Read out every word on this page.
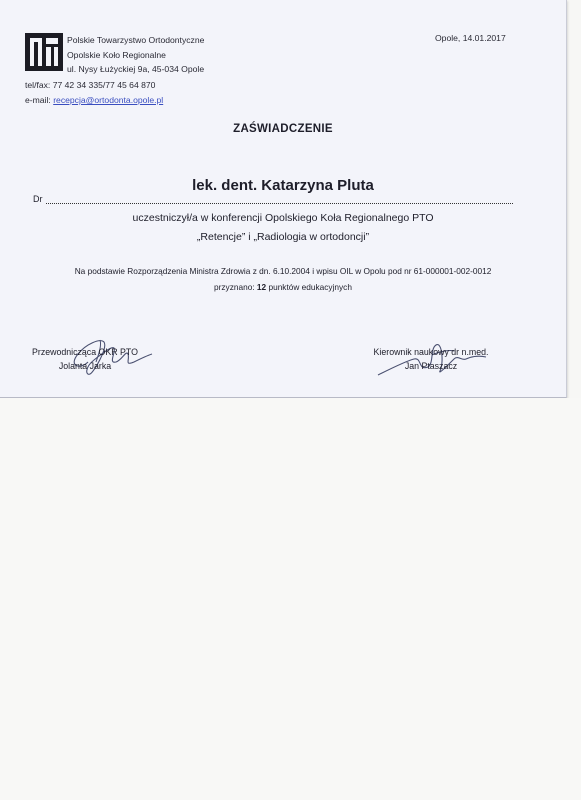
Polskie Towarzystwo Ortodontyczne
Opolskie Koło Regionalne
ul. Nysy Łużyckiej 9a, 45-034 Opole
tel/fax: 77 42 34 335/77 45 64 870
e-mail: recepcja@ortodonta.opole.pl
Opole, 14.01.2017
ZAŚWIADCZENIE
Dr
lek. dent. Katarzyna Pluta
uczestniczył/a w konferencji Opolskiego Koła Regionalnego PTO
„Retencje” i „Radiologia w ortodoncji”
Na podstawie Rozporządzenia Ministra Zdrowia z dn. 6.10.2004 i wpisu OIL w Opolu pod nr 61-000001-002-0012
przyznano: 12 punktów edukacyjnych
Przewodnicząca OKR PTO
Jolanta Jarka
Kierownik naukowy dr n.med.
Jan Ptaszacz
